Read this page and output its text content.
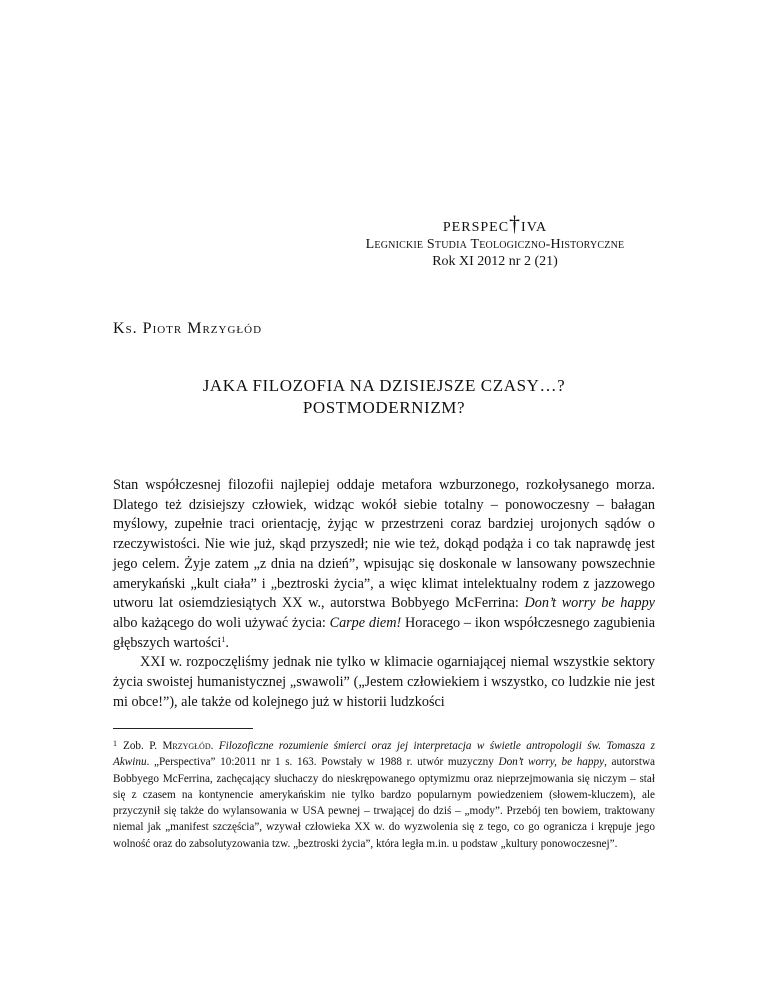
perspec†iva

Legnickie Studia Teologiczno-Historyczne

Rok XI 2012 nr 2 (21)

Ks. Piotr Mrzygłód

JAKA FILOZOFIA NA DZISIEJSZE CZASY…?

POSTMODERNIZM?

Stan współczesnej filozofii najlepiej oddaje metafora wzburzonego, rozkołysanego morza. Dlatego też dzisiejszy człowiek, widząc wokół siebie totalny – ponowoczesny – bałagan myślowy, zupełnie traci orientację, żyjąc w przestrzeni coraz bardziej urojonych sądów o rzeczywistości. Nie wie już, skąd przyszedł; nie wie też, dokąd podąża i co tak naprawdę jest jego celem. Żyje zatem „z dnia na dzień”, wpisując się doskonale w lansowany powszechnie amerykański „kult ciała” i „beztroski życia”, a więc klimat intelektualny rodem z jazzowego utworu lat osiemdziesiątych XX w., autorstwa Bobbyego McFerrina: Don’t worry be happy albo każącego do woli używać życia: Carpe diem! Horacego – ikon współczesnego zagubienia głębszych wartości$^1$.

XXI w. rozpoczęliśmy jednak nie tylko w klimacie ogarniającej niemal wszystkie sektory życia swoistej humanistycznej „swawoli” („Jestem człowiekiem i wszystko, co ludzkie nie jest mi obce!”), ale także od kolejnego już w historii ludzkości

$^1$ Zob. P. Mrzygłód. Filozoficzne rozumienie śmierci oraz jej interpretacja w świetle antropologii św. Tomasza z Akwinu. „Perspectiva” 10:2011 nr 1 s. 163. Powstały w 1988 r. utwór muzyczny Don’t worry, be happy, autorstwa Bobbyego McFerrina, zachęcający słuchaczy do nieskrępowanego optymizmu oraz nieprzejmowania się niczym – stał się z czasem na kontynencie amerykańskim nie tylko bardzo popularnym powiedzeniem (słowem-kluczem), ale przyczynił się także do wylansowania w USA pewnej – trwającej do dziś – „mody”. Przebój ten bowiem, traktowany niemal jak „manifest szczęścia”, wzywał człowieka XX w. do wyzwolenia się z tego, co go ogranicza i krępuje jego wolność oraz do zabsolutyzowania tzw. „beztroski życia”, która legła m.in. u podstaw „kultury ponowoczesnej”.
